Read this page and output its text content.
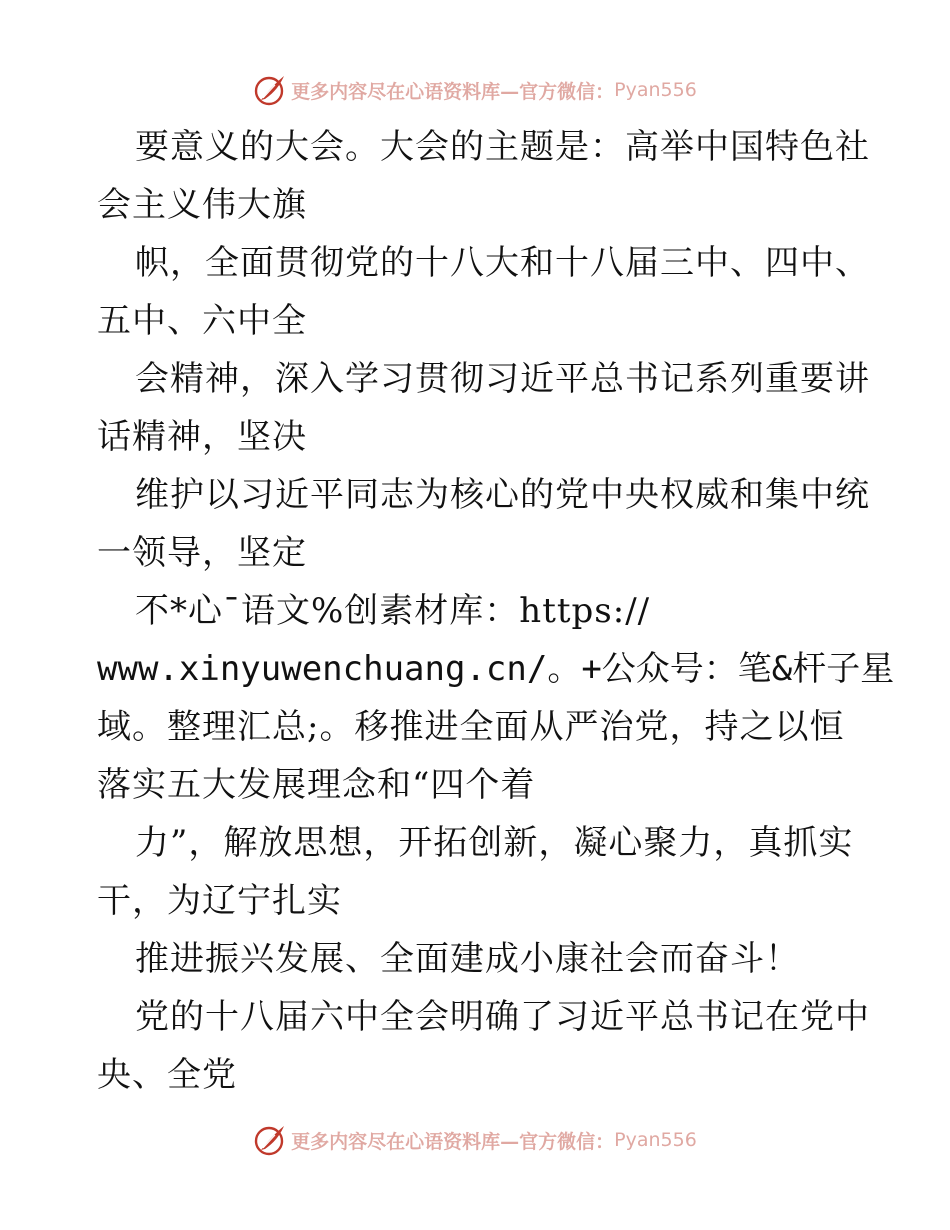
更多内容尽在心语资料库—官方微信： Pyan556
要意义的大会。大会的主题是：高举中国特色社
会主义伟大旗
帜，全面贯彻党的十八大和十八届三中、四中、
五中、六中全
会精神，深入学习贯彻习近平总书记系列重要讲
话精神，坚决
维护以习近平同志为核心的党中央权威和集中统
一领导，坚定
不*心¯语文%创素材库：https://
www.xinyuwenchuang.cn/。+公众号：笔&杆子星
域。整理汇总;。移推进全面从严治党，持之以恒
落实五大发展理念和“四个着
力”，解放思想，开拓创新，凝心聚力，真抓实
干，为辽宁扎实
推进振兴发展、全面建成小康社会而奋斗！
党的十八届六中全会明确了习近平总书记在党中
央、全党
更多内容尽在心语资料库—官方微信： Pyan556
